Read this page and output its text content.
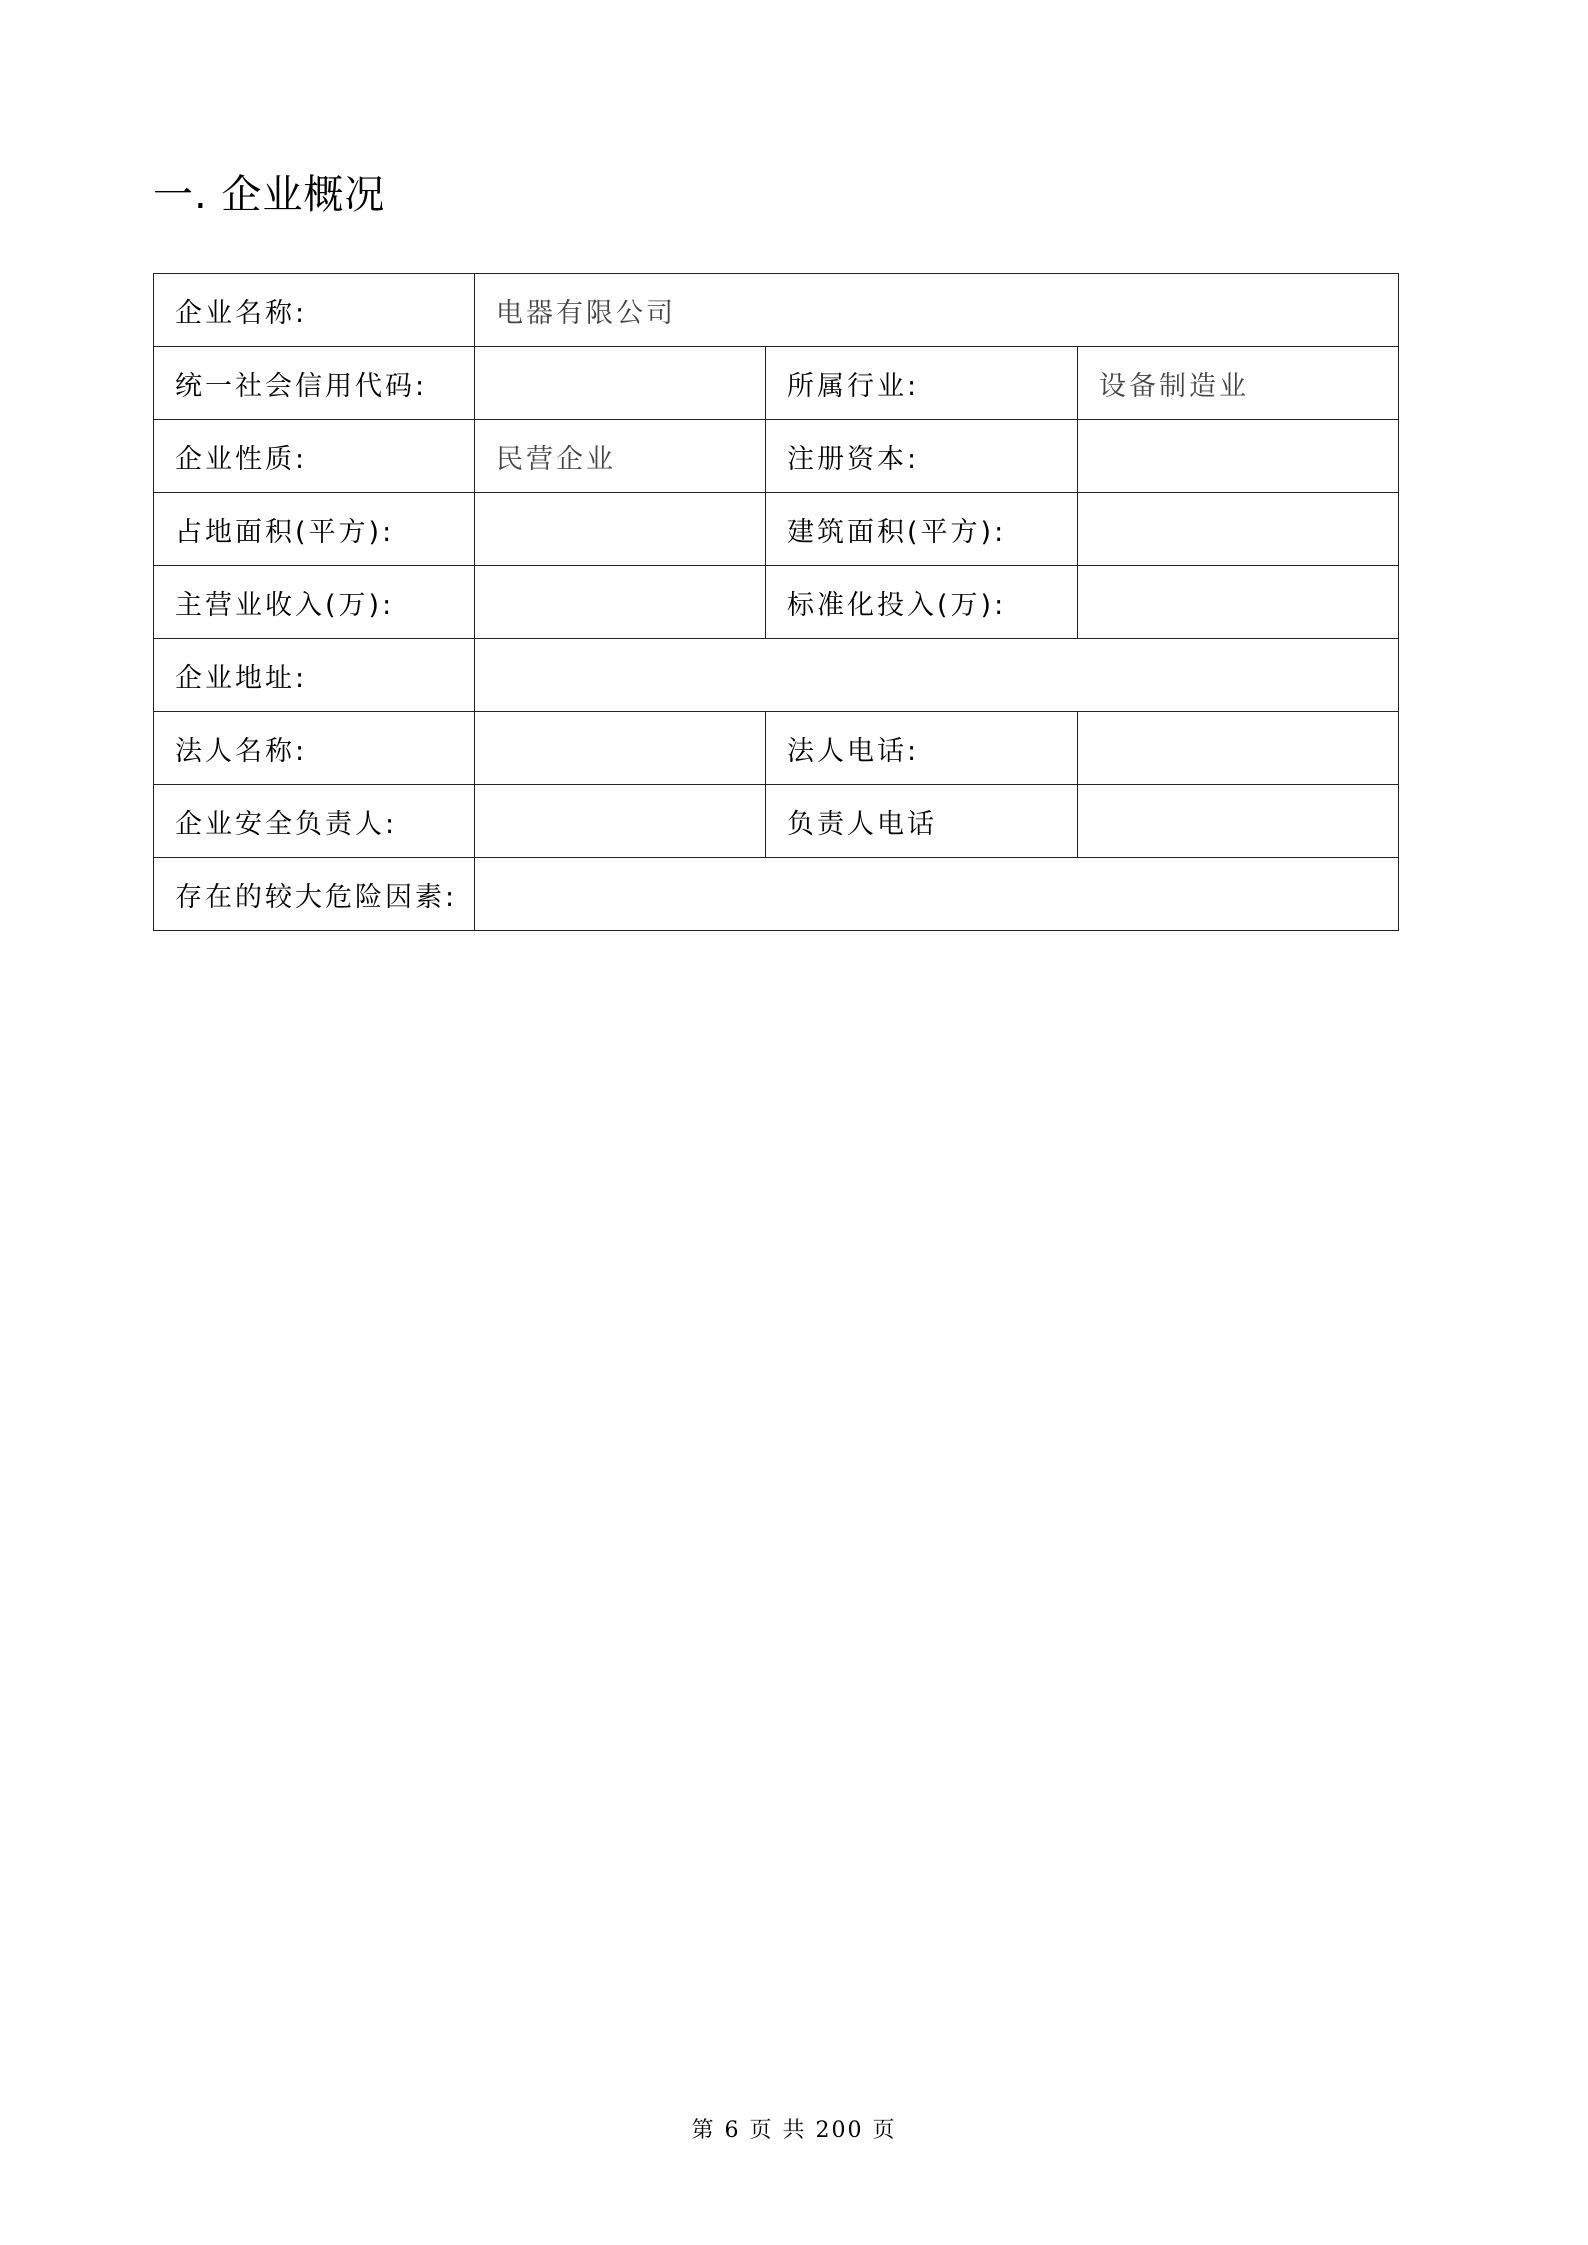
一. 企业概况
企业名称:	电器有限公司		
统一社会信用代码:		所属行业:	设备制造业
企业性质:	民营企业	注册资本:	
占地面积(平方):		建筑面积(平方):	
主营业收入(万):		标准化投入(万):	
企业地址:			
法人名称:		法人电话:	
企业安全负责人:		负责人电话	
存在的较大危险因素:			
第 6 页 共 200 页
